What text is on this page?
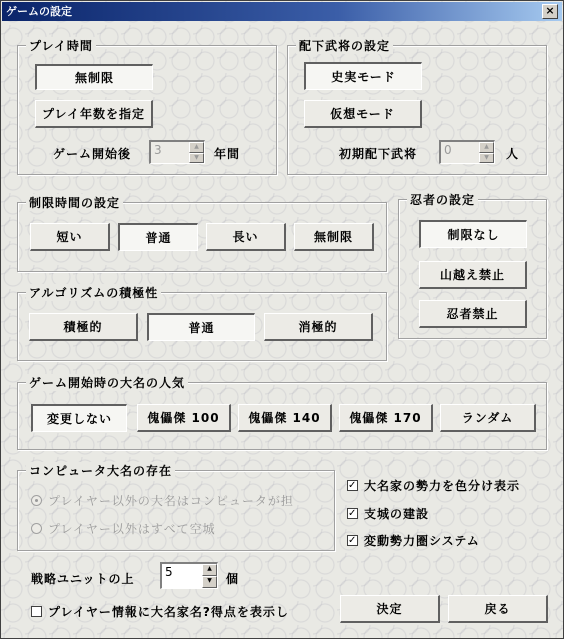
ゲームの設定	×
プレイ時間
無制限
プレイ年数を指定
ゲーム開始後 3	▲
▼	年間
配下武将の設定
史実モード
仮想モード
初期配下武将 0	▲
▼	人
制限時間の設定
短い	普通	長い	無制限
忍者の設定
制限なし
山越え禁止
忍者禁止
アルゴリズムの積極性
積極的	普通	消極的
ゲーム開始時の大名の人気
変更しない	傀儡傑 100	傀儡傑 140	傀儡傑 170	ランダム
コンピュータ大名の存在
プレイヤー以外の大名はコンピュータが担
プレイヤー以外はすべて空城
✓ 大名家の勢力を色分け表示
✓ 支城の建設
✓ 変動勢力圏システム
戦略ユニットの上	5	▲
▼	個
プレイヤー情報に大名家名?得点を表示し	決定	戻る
